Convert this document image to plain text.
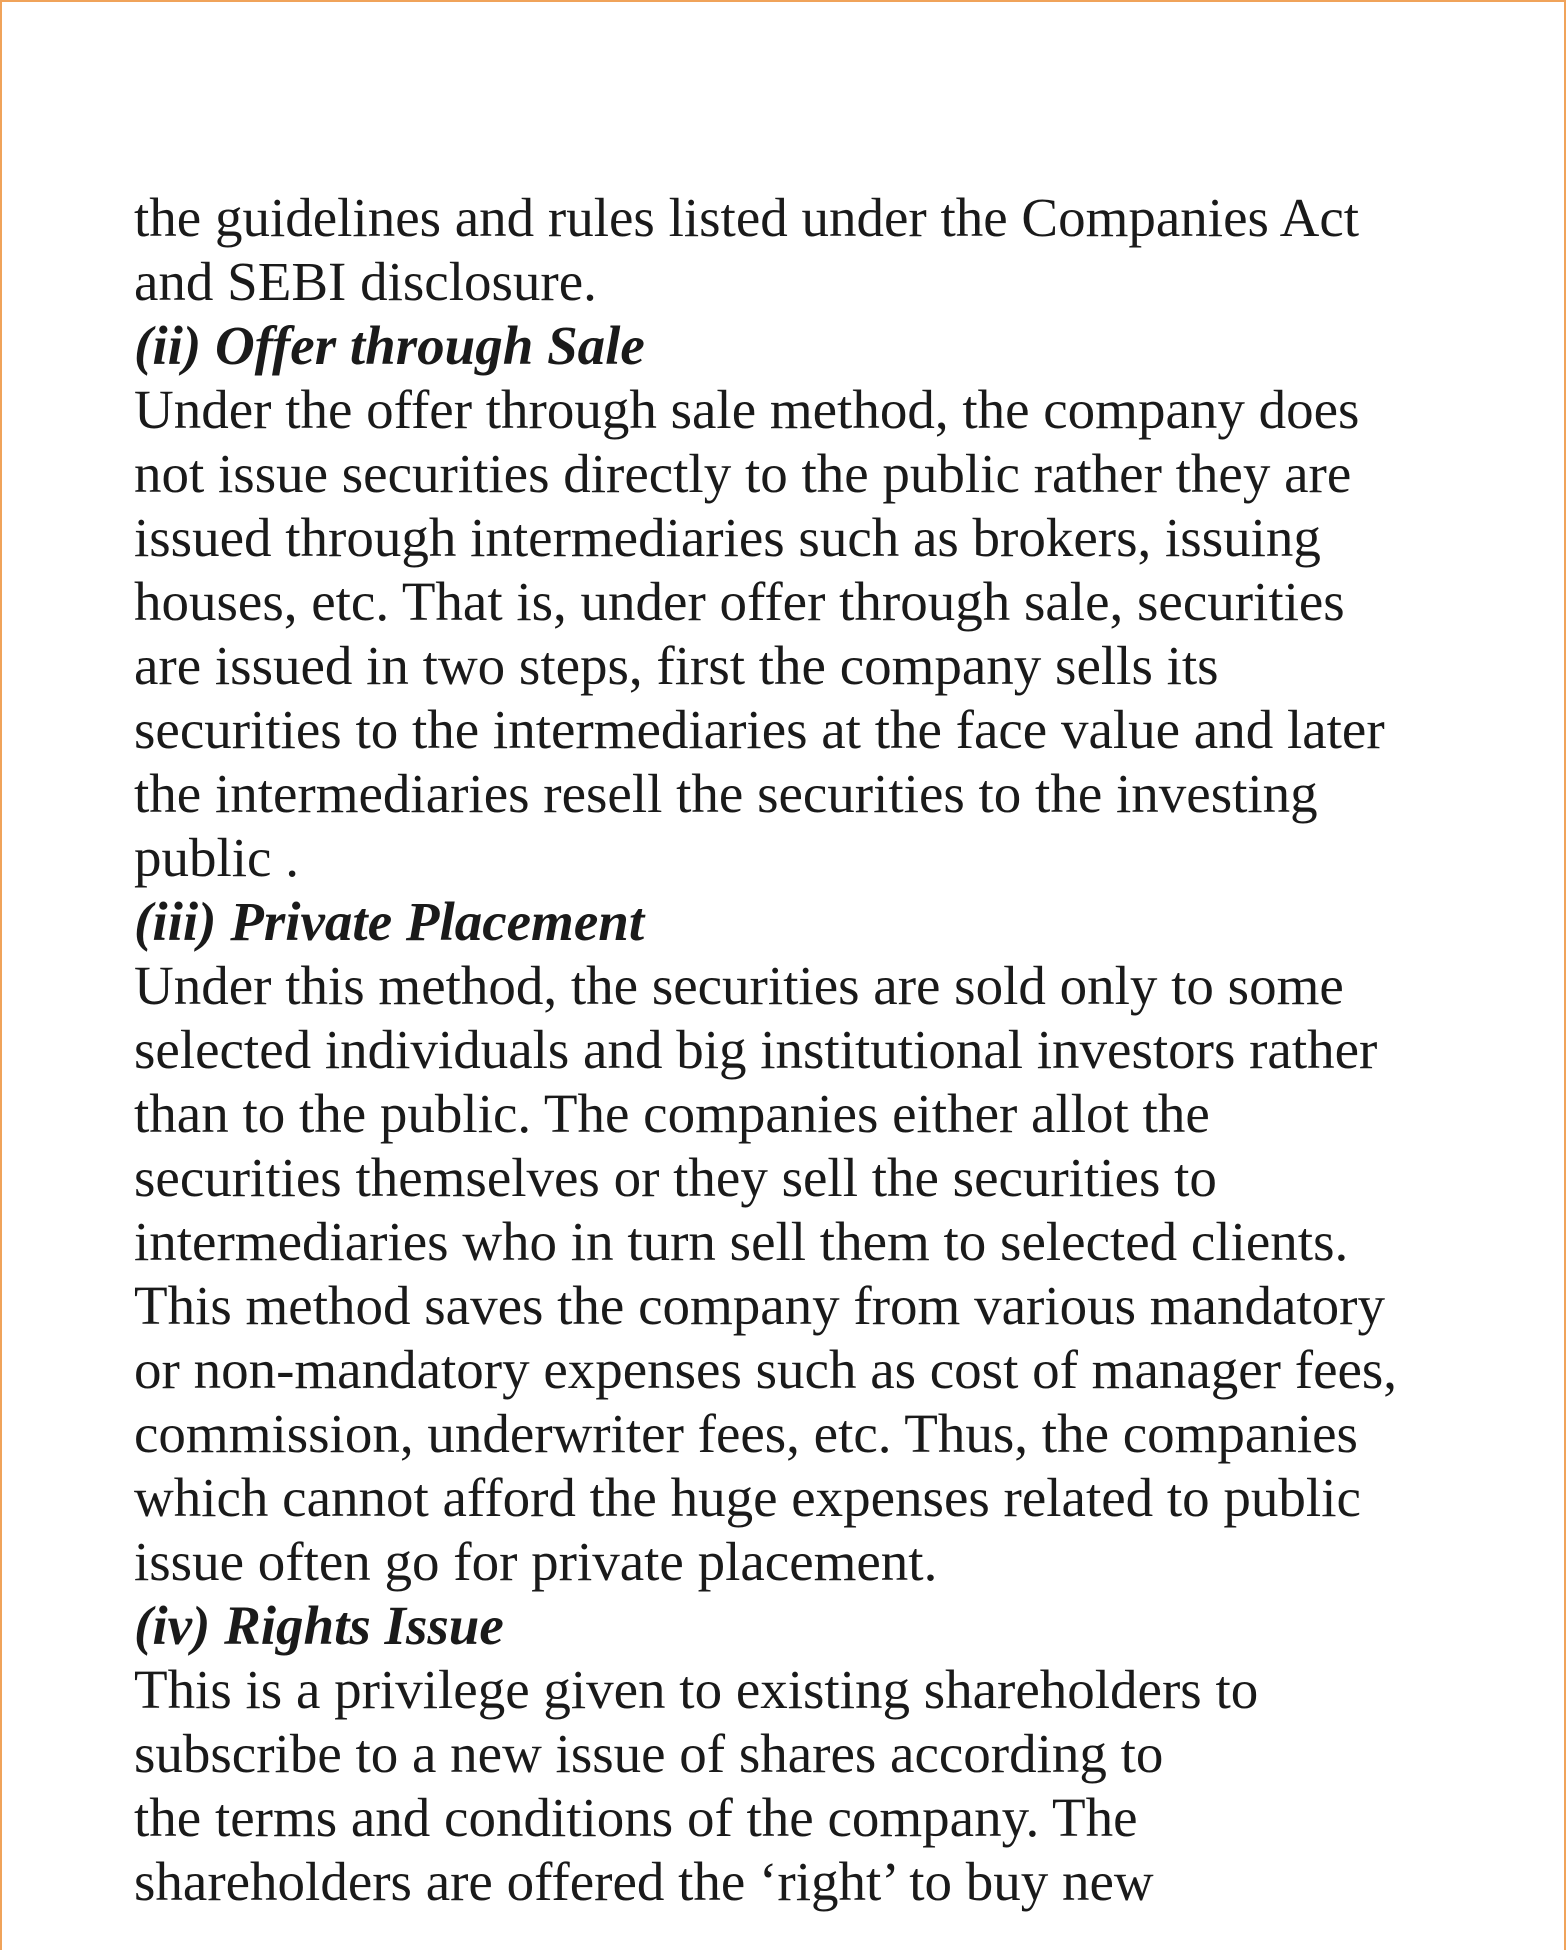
the guidelines and rules listed under the Companies Act
and SEBI disclosure.
(ii) Offer through Sale
Under the offer through sale method, the company does
not issue securities directly to the public rather they are
issued through intermediaries such as brokers, issuing
houses, etc. That is, under offer through sale, securities
are issued in two steps, first the company sells its
securities to the intermediaries at the face value and later
the intermediaries resell the securities to the investing
public .
(iii) Private Placement
Under this method, the securities are sold only to some
selected individuals and big institutional investors rather
than to the public. The companies either allot the
securities themselves or they sell the securities to
intermediaries who in turn sell them to selected clients.
This method saves the company from various mandatory
or non-mandatory expenses such as cost of manager fees,
commission, underwriter fees, etc. Thus, the companies
which cannot afford the huge expenses related to public
issue often go for private placement.
(iv) Rights Issue
This is a privilege given to existing shareholders to
subscribe to a new issue of shares according to
the terms and conditions of the company. The
shareholders are offered the ‘right’ to buy new
